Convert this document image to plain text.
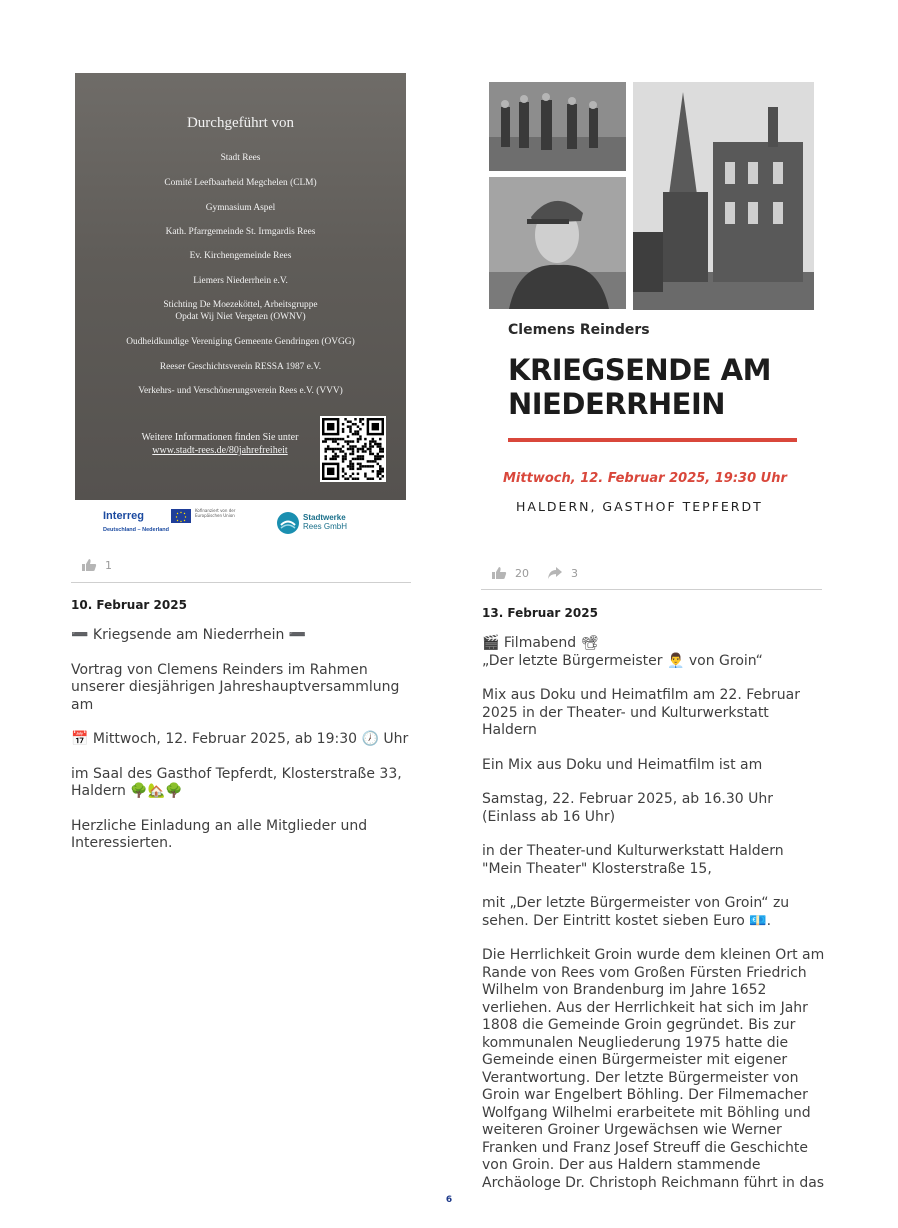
Durchgeführt von
Stadt Rees
Comité Leefbaarheid Megchelen (CLM)
Gymnasium Aspel
Kath. Pfarrgemeinde St. Irmgardis Rees
Ev. Kirchengemeinde Rees
Liemers Niederrhein e.V.
Stichting De Moezeköttel, Arbeitsgruppe
Opdat Wij Niet Vergeten (OWNV)
Oudheidkundige Vereniging Gemeente Gendringen (OVGG)
Reeser Geschichtsverein RESSA 1987 e.V.
Verkehrs- und Verschönerungsverein Rees e.V. (VVV)
Weitere Informationen finden Sie unter
www.stadt-rees.de/80jahrefreiheit
Interreg
Deutschland – Nederland
Kofinanziert von der Europäischen Union	Stadtwerke
Rees GmbH
Clemens Reinders
KRIEGSENDE AM
NIEDERRHEIN
Mittwoch, 12. Februar 2025, 19:30 Uhr
HALDERN, GASTHOF TEPFERDT
1
20	3
10. Februar 2025

➖ Kriegsende am Niederrhein ➖

Vortrag von Clemens Reinders im Rahmen unserer diesjährigen Jahreshauptversammlung am

📅 Mittwoch, 12. Februar 2025, ab 19:30 🕖 Uhr

im Saal des Gasthof Tepferdt, Klosterstraße 33,
Haldern 🌳🏡🌳

Herzliche Einladung an alle Mitglieder und Interessierten.

13. Februar 2025

🎬 Filmabend 📽
„Der letzte Bürgermeister 👨‍💼 von Groin“

Mix aus Doku und Heimatfilm am 22. Februar 2025 in der Theater- und Kulturwerkstatt Haldern

Ein Mix aus Doku und Heimatfilm ist am

Samstag, 22. Februar 2025, ab 16.30 Uhr
(Einlass ab 16 Uhr)

in der Theater-und Kulturwerkstatt Haldern "Mein Theater" Klosterstraße 15,

mit „Der letzte Bürgermeister von Groin“ zu sehen. Der Eintritt kostet sieben Euro 💶.

Die Herrlichkeit Groin wurde dem kleinen Ort am Rande von Rees vom Großen Fürsten Friedrich Wilhelm von Brandenburg im Jahre 1652 verliehen. Aus der Herrlichkeit hat sich im Jahr 1808 die Gemeinde Groin gegründet. Bis zur kommunalen Neugliederung 1975 hatte die Gemeinde einen Bürgermeister mit eigener Verantwortung. Der letzte Bürgermeister von Groin war Engelbert Böhling. Der Filmemacher Wolfgang Wilhelmi erarbeitete mit Böhling und weiteren Groiner Urgewächsen wie Werner Franken und Franz Josef Streuff die Geschichte von Groin. Der aus Haldern stammende Archäologe Dr. Christoph Reichmann führt in das

6
